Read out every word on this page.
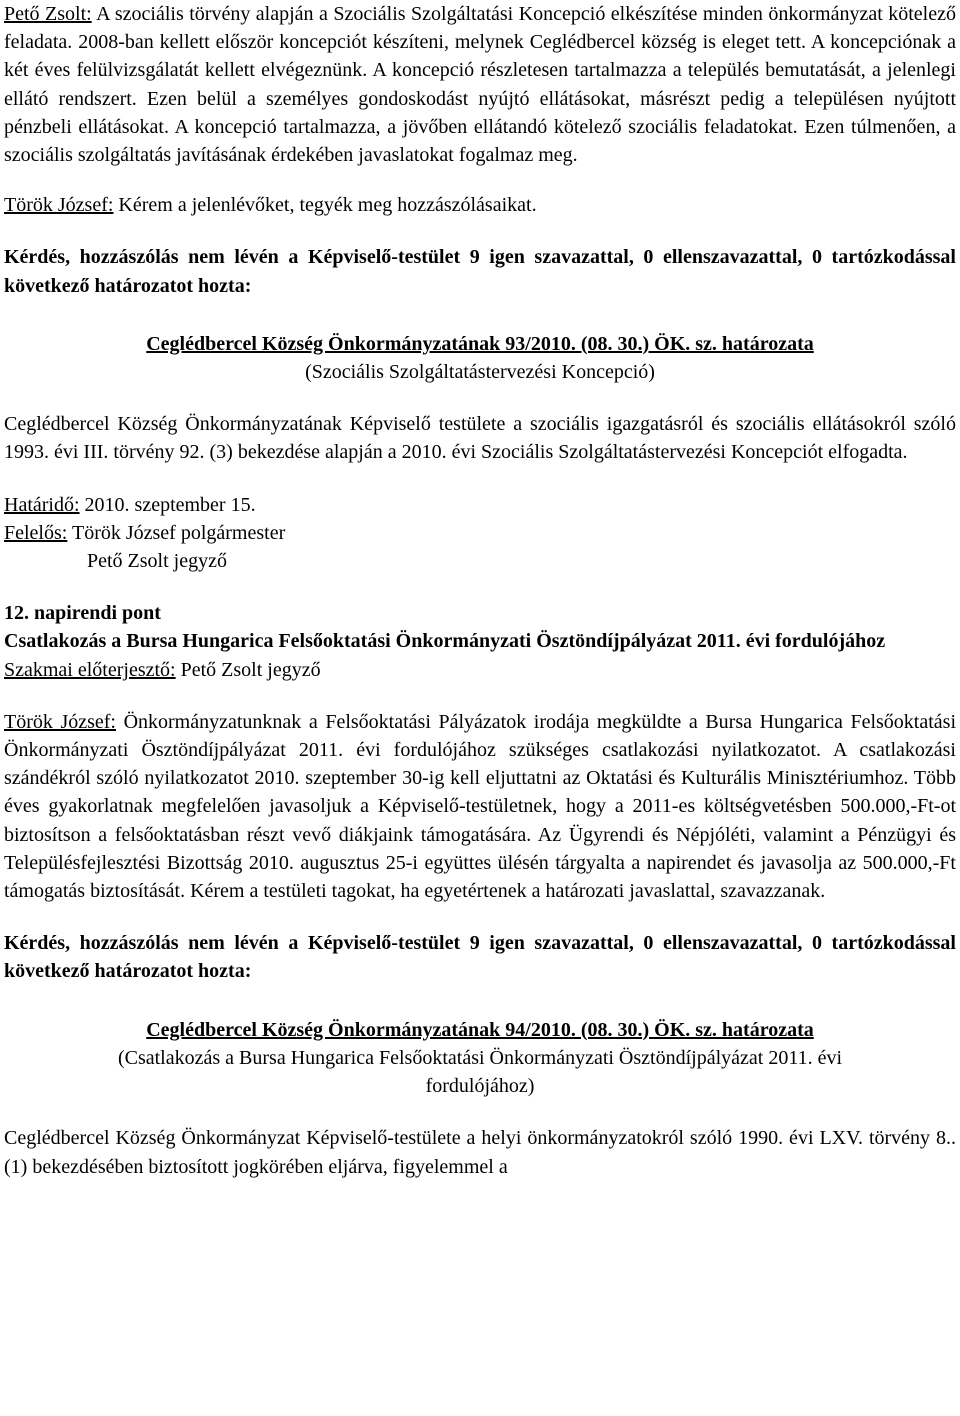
Pető Zsolt: A szociális törvény alapján a Szociális Szolgáltatási Koncepció elkészítése minden önkormányzat kötelező feladata. 2008-ban kellett először koncepciót készíteni, melynek Ceglédbercel község is eleget tett. A koncepciónak a két éves felülvizsgálatát kellett elvégeznünk. A koncepció részletesen tartalmazza a település bemutatását, a jelenlegi ellátó rendszert. Ezen belül a személyes gondoskodást nyújtó ellátásokat, másrészt pedig a településen nyújtott pénzbeli ellátásokat. A koncepció tartalmazza, a jövőben ellátandó kötelező szociális feladatokat. Ezen túlmenően, a szociális szolgáltatás javításának érdekében javaslatokat fogalmaz meg.

Török József: Kérem a jelenlévőket, tegyék meg hozzászólásaikat.

Kérdés, hozzászólás nem lévén a Képviselő-testület 9 igen szavazattal, 0 ellenszavazattal, 0 tartózkodással következő határozatot hozta:

Ceglédbercel Község Önkormányzatának 93/2010. (08. 30.) ÖK. sz. határozata

(Szociális Szolgáltatástervezési Koncepció)

Ceglédbercel Község Önkormányzatának Képviselő testülete a szociális igazgatásról és szociális ellátásokról szóló 1993. évi III. törvény 92. (3) bekezdése alapján a 2010. évi Szociális Szolgáltatástervezési Koncepciót elfogadta.

Határidő: 2010. szeptember 15.

Felelős: Török József polgármester

Pető Zsolt jegyző

12. napirendi pont

Csatlakozás a Bursa Hungarica Felsőoktatási Önkormányzati Ösztöndíjpályázat 2011. évi fordulójához

Szakmai előterjesztő: Pető Zsolt jegyző

Török József: Önkormányzatunknak a Felsőoktatási Pályázatok irodája megküldte a Bursa Hungarica Felsőoktatási Önkormányzati Ösztöndíjpályázat 2011. évi fordulójához szükséges csatlakozási nyilatkozatot. A csatlakozási szándékról szóló nyilatkozatot 2010. szeptember 30-ig kell eljuttatni az Oktatási és Kulturális Minisztériumhoz. Több éves gyakorlatnak megfelelően javasoljuk a Képviselő-testületnek, hogy a 2011-es költségvetésben 500.000,-Ft-ot biztosítson a felsőoktatásban részt vevő diákjaink támogatására. Az Ügyrendi és Népjóléti, valamint a Pénzügyi és Településfejlesztési Bizottság 2010. augusztus 25-i együttes ülésén tárgyalta a napirendet és javasolja az 500.000,-Ft támogatás biztosítását. Kérem a testületi tagokat, ha egyetértenek a határozati javaslattal, szavazzanak.

Kérdés, hozzászólás nem lévén a Képviselő-testület 9 igen szavazattal, 0 ellenszavazattal, 0 tartózkodással következő határozatot hozta:

Ceglédbercel Község Önkormányzatának 94/2010. (08. 30.) ÖK. sz. határozata

(Csatlakozás a Bursa Hungarica Felsőoktatási Önkormányzati Ösztöndíjpályázat 2011. évi fordulójához)

Ceglédbercel Község Önkormányzat Képviselő-testülete a helyi önkormányzatokról szóló 1990. évi LXV. törvény 8.. (1) bekezdésében biztosított jogkörében eljárva, figyelemmel a
